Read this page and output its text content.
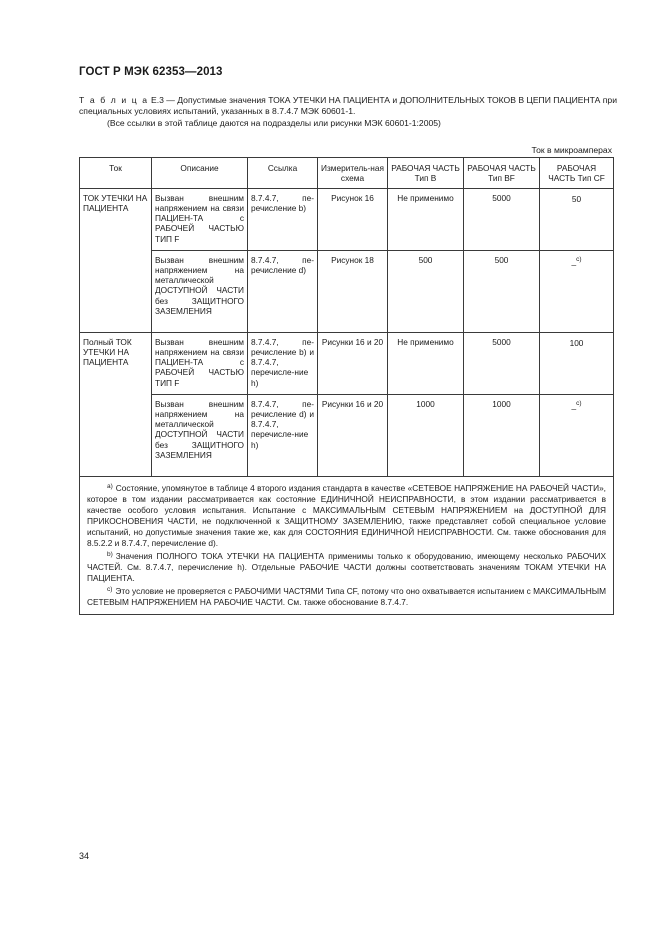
ГОСТ Р МЭК 62353—2013
Т а б л и ц а Е.3 — Допустимые значения ТОКА УТЕЧКИ НА ПАЦИЕНТА и ДОПОЛНИТЕЛЬНЫХ ТОКОВ В ЦЕПИ ПАЦИЕНТА при специальных условиях испытаний, указанных в 8.7.4.7 МЭК 60601-1.
(Все ссылки в этой таблице даются на подразделы или рисунки МЭК 60601-1:2005)
Ток в микроамперах
Ток	Описание	Ссылка	Измеритель-ная схема	РАБОЧАЯ ЧАСТЬ Тип В	РАБОЧАЯ ЧАСТЬ Тип BF	РАБОЧАЯ ЧАСТЬ Тип CF
ТОК УТЕЧКИ НА ПАЦИЕНТА	Вызван внешним напряжением на связи ПАЦИЕН-ТА с РАБОЧЕЙ ЧАСТЬЮ ТИП F	8.7.4.7, пе-речисление b)	Рисунок 16	Не применимо	5000	50
	Вызван внешним напряжением на металлической ДОСТУПНОЙ ЧАСТИ без ЗАЩИТНОГО ЗАЗЕМЛЕНИЯ	8.7.4.7, пе-речисление d)	Рисунок 18	500	500	_$^{c)}$
Полный ТОК УТЕЧКИ НА ПАЦИЕНТА	Вызван внешним напряжением на связи ПАЦИЕН-ТА с РАБОЧЕЙ ЧАСТЬЮ ТИП F	8.7.4.7, пе-речисление b) и 8.7.4.7, перечисле-ние h)	Рисунки 16 и 20	Не применимо	5000	100
	Вызван внешним напряжением на металлической ДОСТУПНОЙ ЧАСТИ без ЗАЩИТНОГО ЗАЗЕМЛЕНИЯ	8.7.4.7, пе-речисление d) и 8.7.4.7, перечисле-ние h)	Рисунки 16 и 20	1000	1000	_$^{c)}$

$^{a)}$ Состояние, упомянутое в таблице 4 второго издания стандарта в качестве «СЕТЕВОЕ НАПРЯЖЕНИЕ НА РАБОЧЕЙ ЧАСТИ», которое в том издании рассматривается как состояние ЕДИНИЧНОЙ НЕИСПРАВНОСТИ, в этом издании рассматривается в качестве особого условия испытания. Испытание с МАКСИМАЛЬНЫМ СЕТЕВЫМ НАПРЯЖЕНИЕМ на ДОСТУПНОЙ ДЛЯ ПРИКОСНОВЕНИЯ ЧАСТИ, не подключенной к ЗАЩИТНОМУ ЗАЗЕМЛЕНИЮ, также представляет собой специальное условие испытаний, но допустимые значения такие же, как для СОСТОЯНИЯ ЕДИНИЧНОЙ НЕИСПРАВНОСТИ. См. также обоснования для 8.5.2.2 и 8.7.4.7, перечисление d).
$^{b)}$ Значения ПОЛНОГО ТОКА УТЕЧКИ НА ПАЦИЕНТА применимы только к оборудованию, имеющему несколько РАБОЧИХ ЧАСТЕЙ. См. 8.7.4.7, перечисление h). Отдельные РАБОЧИЕ ЧАСТИ должны соответствовать значениям ТОКАМ УТЕЧКИ НА ПАЦИЕНТА.
$^{c)}$ Это условие не проверяется с РАБОЧИМИ ЧАСТЯМИ Типа CF, потому что оно охватывается испытанием с МАКСИМАЛЬНЫМ СЕТЕВЫМ НАПРЯЖЕНИЕМ НА РАБОЧИЕ ЧАСТИ. См. также обоснование 8.7.4.7.						
34
